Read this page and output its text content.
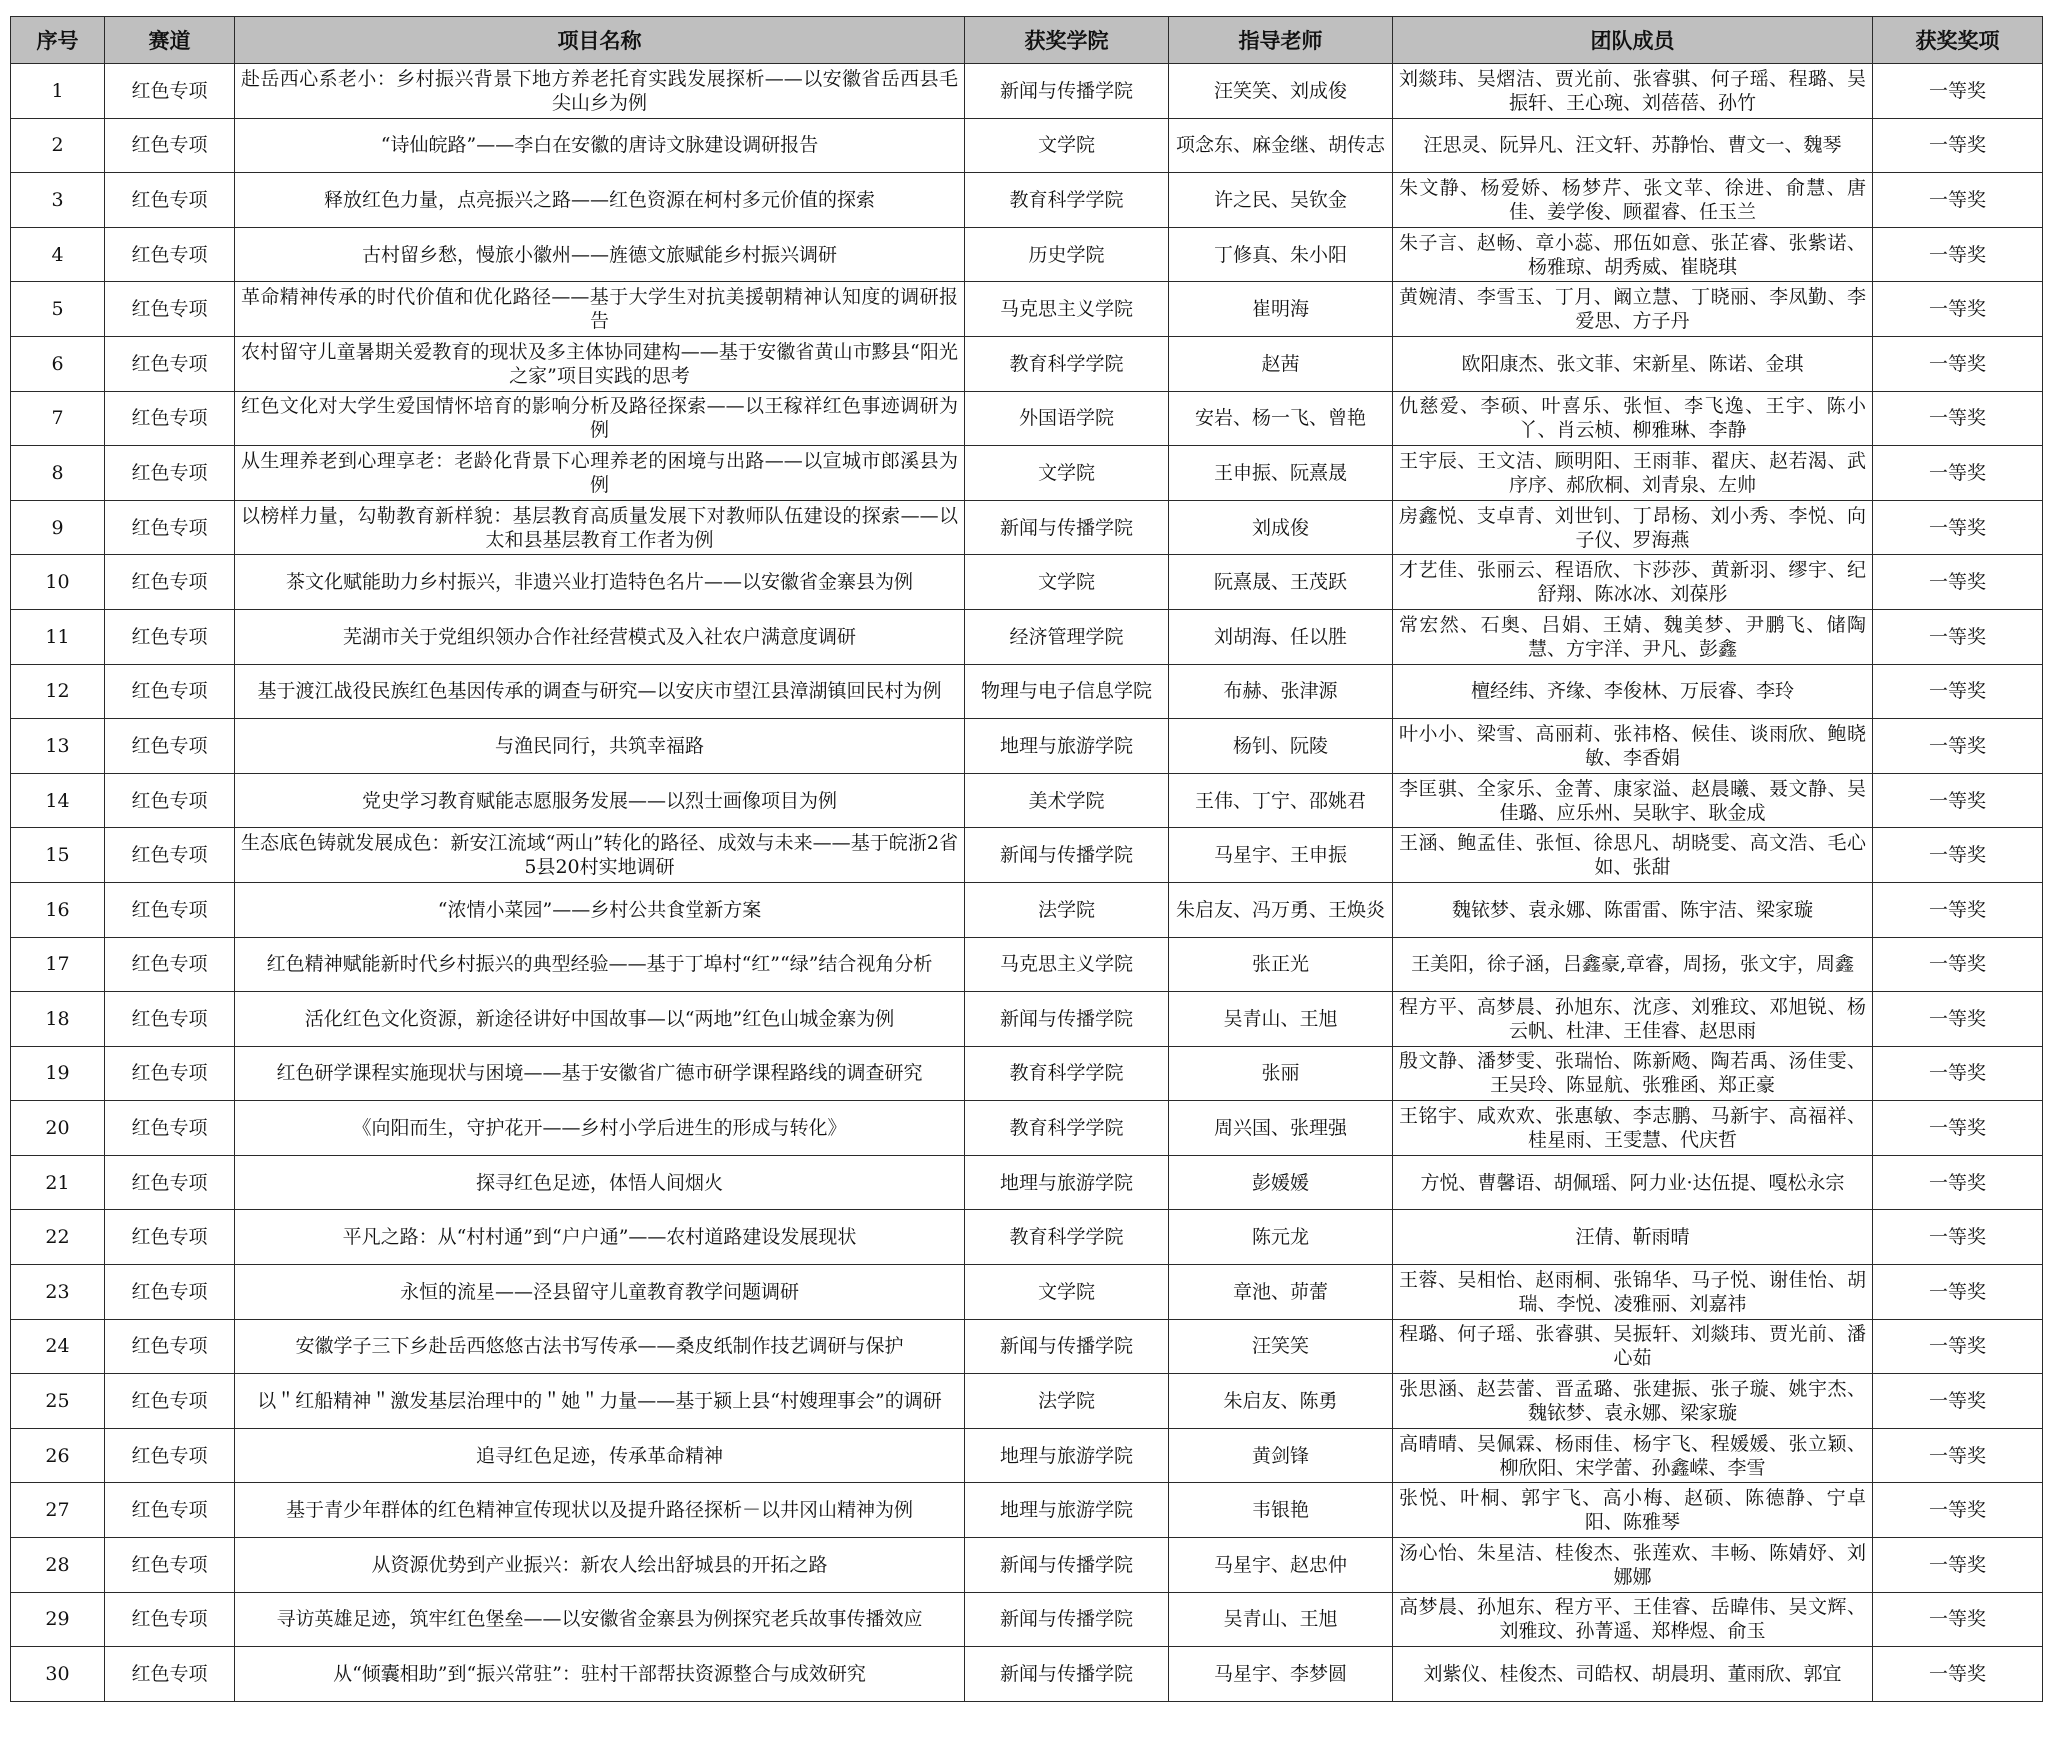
序号	赛道	项目名称	获奖学院	指导老师	团队成员	获奖奖项
1	红色专项	赴岳西心系老小：乡村振兴背景下地方养老托育实践发展探析——以安徽省岳西县毛尖山乡为例	新闻与传播学院	汪笑笑、刘成俊	刘燚玮、吴熠洁、贾光前、张睿骐、何子瑶、程璐、吴振轩、王心琬、刘蓓蓓、孙竹	一等奖
2	红色专项	“诗仙皖路”——李白在安徽的唐诗文脉建设调研报告	文学院	项念东、麻金继、胡传志	汪思灵、阮异凡、汪文轩、苏静怡、曹文一、魏琴	一等奖
3	红色专项	释放红色力量，点亮振兴之路——红色资源在柯村多元价值的探索	教育科学学院	许之民、吴钦金	朱文静、杨爱娇、杨梦芹、张文苹、徐进、俞慧、唐佳、姜学俊、顾翟睿、任玉兰	一等奖
4	红色专项	古村留乡愁，慢旅小徽州——旌德文旅赋能乡村振兴调研	历史学院	丁修真、朱小阳	朱子言、赵畅、章小蕊、邢伍如意、张芷睿、张紫诺、杨雅琼、胡秀威、崔晓琪	一等奖
5	红色专项	革命精神传承的时代价值和优化路径——基于大学生对抗美援朝精神认知度的调研报告	马克思主义学院	崔明海	黄婉清、李雪玉、丁月、阚立慧、丁晓丽、李凤勤、李爱思、方子丹	一等奖
6	红色专项	农村留守儿童暑期关爱教育的现状及多主体协同建构——基于安徽省黄山市黟县“阳光之家”项目实践的思考	教育科学学院	赵茜	欧阳康杰、张文菲、宋新星、陈诺、金琪	一等奖
7	红色专项	红色文化对大学生爱国情怀培育的影响分析及路径探索——以王稼祥红色事迹调研为例	外国语学院	安岩、杨一飞、曾艳	仇慈爱、李硕、叶喜乐、张恒、李飞逸、王宇、陈小丫、肖云桢、柳雅琳、李静	一等奖
8	红色专项	从生理养老到心理享老：老龄化背景下心理养老的困境与出路——以宣城市郎溪县为例	文学院	王申振、阮熹晟	王宇辰、王文洁、顾明阳、王雨菲、翟庆、赵若渴、武序序、郝欣桐、刘青泉、左帅	一等奖
9	红色专项	以榜样力量，勾勒教育新样貌：基层教育高质量发展下对教师队伍建设的探索——以太和县基层教育工作者为例	新闻与传播学院	刘成俊	房鑫悦、支卓青、刘世钊、丁昂杨、刘小秀、李悦、向子仪、罗海燕	一等奖
10	红色专项	茶文化赋能助力乡村振兴，非遗兴业打造特色名片——以安徽省金寨县为例	文学院	阮熹晟、王茂跃	才艺佳、张丽云、程语欣、卞莎莎、黄新羽、缪宇、纪舒翔、陈冰冰、刘葆彤	一等奖
11	红色专项	芜湖市关于党组织领办合作社经营模式及入社农户满意度调研	经济管理学院	刘胡海、任以胜	常宏然、石奥、吕娟、王婧、魏美梦、尹鹏飞、储陶慧、方宇洋、尹凡、彭鑫	一等奖
12	红色专项	基于渡江战役民族红色基因传承的调查与研究—以安庆市望江县漳湖镇回民村为例	物理与电子信息学院	布赫、张津源	檀经纬、齐缘、李俊林、万辰睿、李玲	一等奖
13	红色专项	与渔民同行，共筑幸福路	地理与旅游学院	杨钊、阮陵	叶小小、梁雪、高丽莉、张祎格、候佳、谈雨欣、鲍晓敏、李香娟	一等奖
14	红色专项	党史学习教育赋能志愿服务发展——以烈士画像项目为例	美术学院	王伟、丁宁、邵姚君	李匡骐、全家乐、金菁、康家溢、赵晨曦、聂文静、吴佳璐、应乐州、吴耿宇、耿金成	一等奖
15	红色专项	生态底色铸就发展成色：新安江流域“两山”转化的路径、成效与未来——基于皖浙2省5县20村实地调研	新闻与传播学院	马星宇、王申振	王涵、鲍孟佳、张恒、徐思凡、胡晓雯、高文浩、毛心如、张甜	一等奖
16	红色专项	“浓情小菜园”——乡村公共食堂新方案	法学院	朱启友、冯万勇、王焕炎	魏铱梦、袁永娜、陈雷雷、陈宇洁、梁家璇	一等奖
17	红色专项	红色精神赋能新时代乡村振兴的典型经验——基于丁埠村“红”“绿”结合视角分析	马克思主义学院	张正光	王美阳，徐子涵，吕鑫豪,章睿，周扬，张文宇，周鑫	一等奖
18	红色专项	活化红色文化资源，新途径讲好中国故事—以“两地”红色山城金寨为例	新闻与传播学院	吴青山、王旭	程方平、高梦晨、孙旭东、沈彦、刘雅玟、邓旭锐、杨云帆、杜津、王佳睿、赵思雨	一等奖
19	红色专项	红色研学课程实施现状与困境——基于安徽省广德市研学课程路线的调查研究	教育科学学院	张丽	殷文静、潘梦雯、张瑞怡、陈新飏、陶若禹、汤佳雯、王吴玲、陈显航、张雅函、郑正豪	一等奖
20	红色专项	《向阳而生，守护花开——乡村小学后进生的形成与转化》	教育科学学院	周兴国、张理强	王铭宇、咸欢欢、张惠敏、李志鹏、马新宇、高福祥、桂星雨、王雯慧、代庆哲	一等奖
21	红色专项	探寻红色足迹，体悟人间烟火	地理与旅游学院	彭媛媛	方悦、曹馨语、胡佩瑶、阿力业·达伍提、嘎松永宗	一等奖
22	红色专项	平凡之路：从“村村通”到“户户通”——农村道路建设发展现状	教育科学学院	陈元龙	汪倩、靳雨晴	一等奖
23	红色专项	永恒的流星——泾县留守儿童教育教学问题调研	文学院	章池、茆蕾	王蓉、吴相怡、赵雨桐、张锦华、马子悦、谢佳怡、胡瑞、李悦、凌雅丽、刘嘉祎	一等奖
24	红色专项	安徽学子三下乡赴岳西悠悠古法书写传承——桑皮纸制作技艺调研与保护	新闻与传播学院	汪笑笑	程璐、何子瑶、张睿骐、吴振轩、刘燚玮、贾光前、潘心茹	一等奖
25	红色专项	以＂红船精神＂激发基层治理中的＂她＂力量——基于颍上县“村嫂理事会”的调研	法学院	朱启友、陈勇	张思涵、赵芸蕾、晋孟璐、张建振、张子璇、姚宇杰、魏铱梦、袁永娜、梁家璇	一等奖
26	红色专项	追寻红色足迹，传承革命精神	地理与旅游学院	黄剑锋	高晴晴、吴佩霖、杨雨佳、杨宇飞、程媛媛、张立颖、柳欣阳、宋学蕾、孙鑫嵘、李雪	一等奖
27	红色专项	基于青少年群体的红色精神宣传现状以及提升路径探析－以井冈山精神为例	地理与旅游学院	韦银艳	张悦、叶桐、郭宇飞、高小梅、赵硕、陈德静、宁卓阳、陈雅琴	一等奖
28	红色专项	从资源优势到产业振兴：新农人绘出舒城县的开拓之路	新闻与传播学院	马星宇、赵忠仲	汤心怡、朱星洁、桂俊杰、张莲欢、丰畅、陈婧妤、刘娜娜	一等奖
29	红色专项	寻访英雄足迹，筑牢红色堡垒——以安徽省金寨县为例探究老兵故事传播效应	新闻与传播学院	吴青山、王旭	高梦晨、孙旭东、程方平、王佳睿、岳暐伟、吴文辉、刘雅玟、孙菁遥、郑桦煜、俞玉	一等奖
30	红色专项	从“倾囊相助”到“振兴常驻”：驻村干部帮扶资源整合与成效研究	新闻与传播学院	马星宇、李梦圆	刘紫仪、桂俊杰、司皓权、胡晨玥、董雨欣、郭宜	一等奖
